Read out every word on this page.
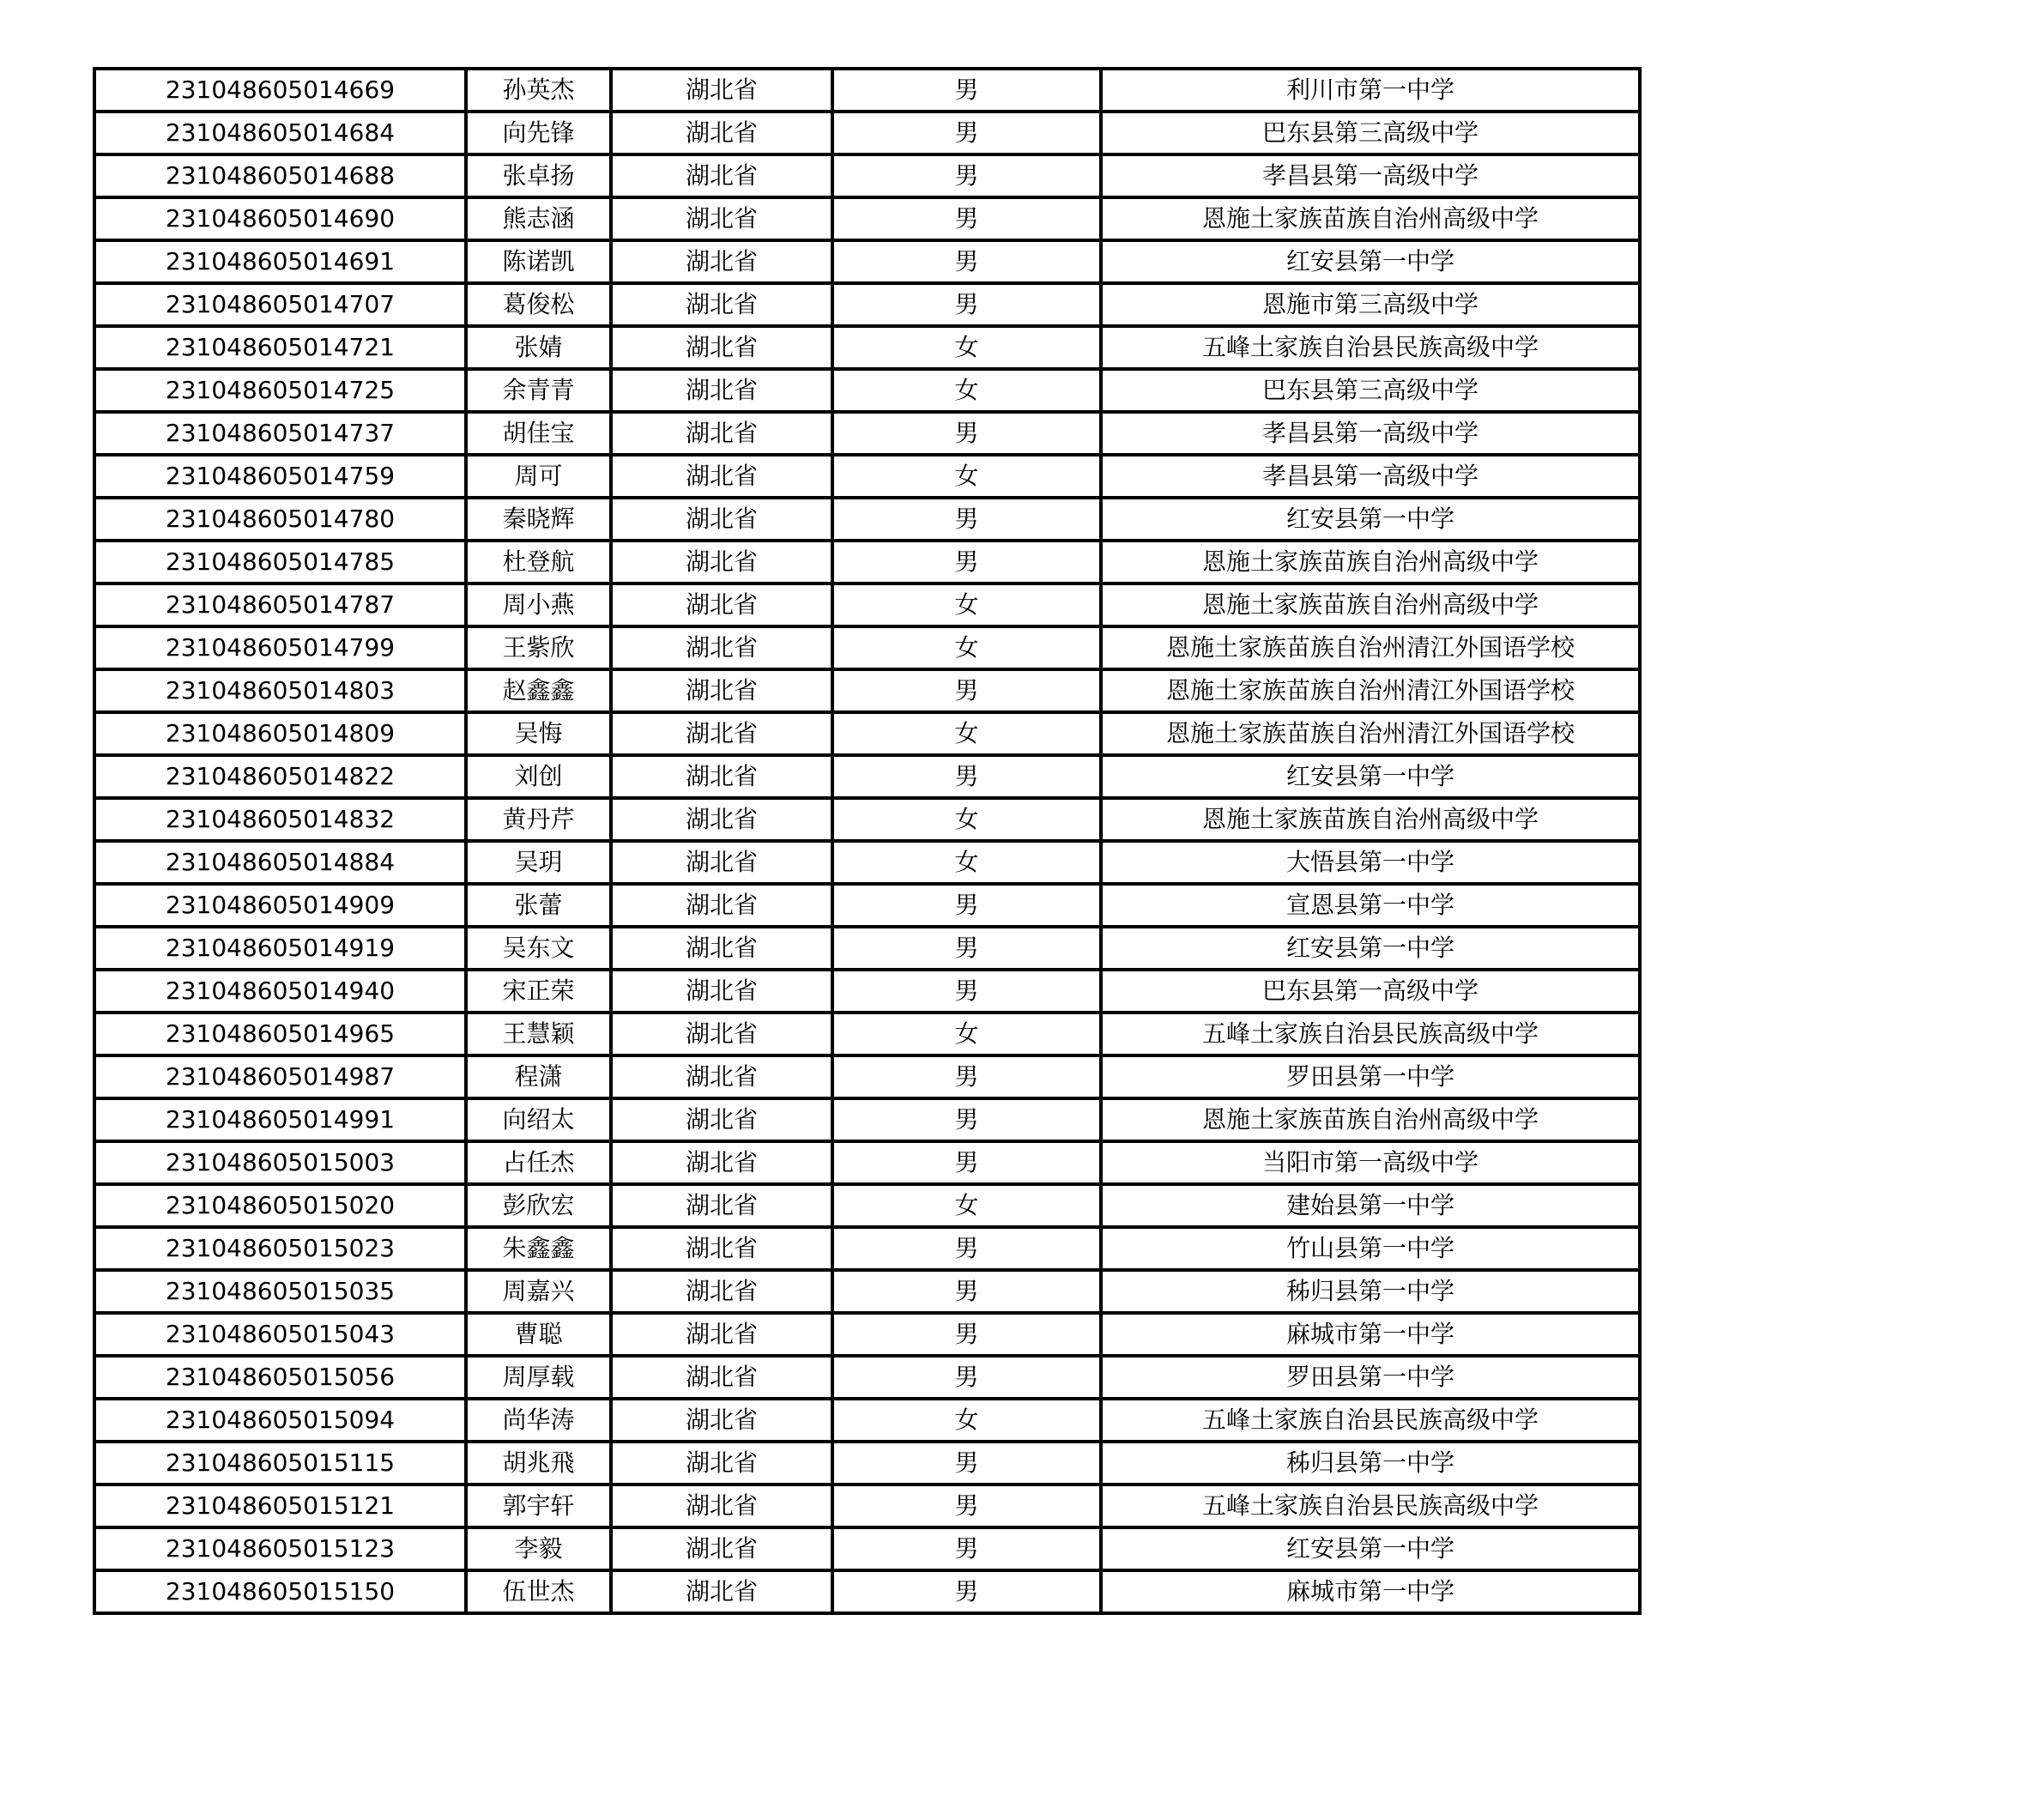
231048605014669	孙英杰	湖北省	男	利川市第一中学
231048605014684	向先锋	湖北省	男	巴东县第三高级中学
231048605014688	张卓扬	湖北省	男	孝昌县第一高级中学
231048605014690	熊志涵	湖北省	男	恩施土家族苗族自治州高级中学
231048605014691	陈诺凯	湖北省	男	红安县第一中学
231048605014707	葛俊松	湖北省	男	恩施市第三高级中学
231048605014721	张婧	湖北省	女	五峰土家族自治县民族高级中学
231048605014725	余青青	湖北省	女	巴东县第三高级中学
231048605014737	胡佳宝	湖北省	男	孝昌县第一高级中学
231048605014759	周可	湖北省	女	孝昌县第一高级中学
231048605014780	秦晓辉	湖北省	男	红安县第一中学
231048605014785	杜登航	湖北省	男	恩施土家族苗族自治州高级中学
231048605014787	周小燕	湖北省	女	恩施土家族苗族自治州高级中学
231048605014799	王紫欣	湖北省	女	恩施土家族苗族自治州清江外国语学校
231048605014803	赵鑫鑫	湖北省	男	恩施土家族苗族自治州清江外国语学校
231048605014809	吴悔	湖北省	女	恩施土家族苗族自治州清江外国语学校
231048605014822	刘创	湖北省	男	红安县第一中学
231048605014832	黄丹芹	湖北省	女	恩施土家族苗族自治州高级中学
231048605014884	吴玥	湖北省	女	大悟县第一中学
231048605014909	张蕾	湖北省	男	宣恩县第一中学
231048605014919	吴东文	湖北省	男	红安县第一中学
231048605014940	宋正荣	湖北省	男	巴东县第一高级中学
231048605014965	王慧颖	湖北省	女	五峰土家族自治县民族高级中学
231048605014987	程潇	湖北省	男	罗田县第一中学
231048605014991	向绍太	湖北省	男	恩施土家族苗族自治州高级中学
231048605015003	占任杰	湖北省	男	当阳市第一高级中学
231048605015020	彭欣宏	湖北省	女	建始县第一中学
231048605015023	朱鑫鑫	湖北省	男	竹山县第一中学
231048605015035	周嘉兴	湖北省	男	秭归县第一中学
231048605015043	曹聪	湖北省	男	麻城市第一中学
231048605015056	周厚载	湖北省	男	罗田县第一中学
231048605015094	尚华涛	湖北省	女	五峰土家族自治县民族高级中学
231048605015115	胡兆飛	湖北省	男	秭归县第一中学
231048605015121	郭宇轩	湖北省	男	五峰土家族自治县民族高级中学
231048605015123	李毅	湖北省	男	红安县第一中学
231048605015150	伍世杰	湖北省	男	麻城市第一中学
